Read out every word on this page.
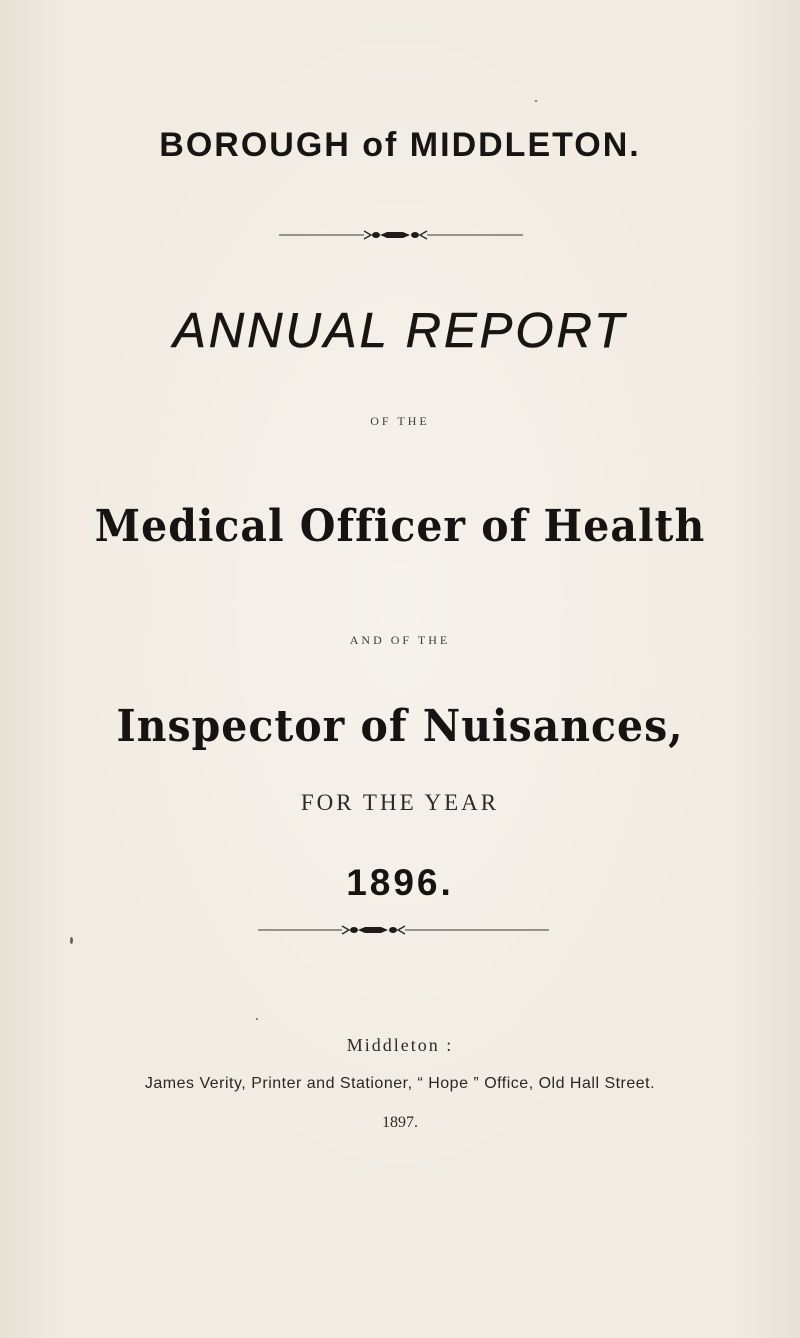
BOROUGH of MIDDLETON.
ANNUAL REPORT
OF THE
Medical Officer of Health
AND OF THE
Inspector of Nuisances,
FOR THE YEAR
1896.
Middleton :
James Verity, Printer and Stationer, “ Hope ” Office, Old Hall Street.
1897.
